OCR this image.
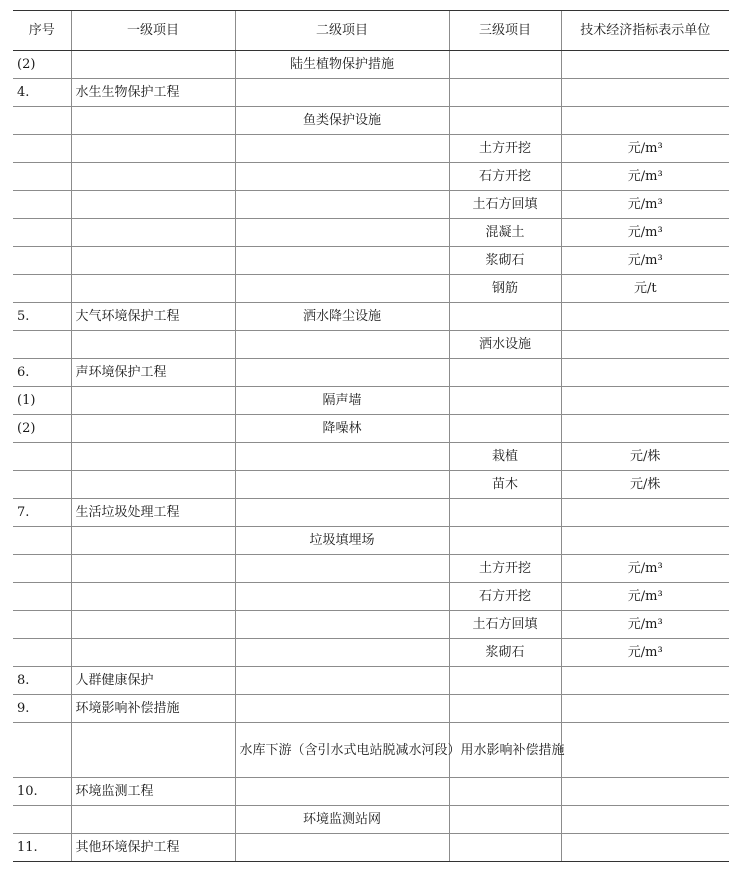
序号	一级项目	二级项目	三级项目	技术经济指标表示单位
(2)		陆生植物保护措施		
4.	水生生物保护工程			
		鱼类保护设施		
			土方开挖	元/m³
			石方开挖	元/m³
			土石方回填	元/m³
			混凝土	元/m³
			浆砌石	元/m³
			钢筋	元/t
5.	大气环境保护工程	洒水降尘设施		
			洒水设施	
6.	声环境保护工程			
(1)		隔声墙		
(2)		降噪林		
			栽植	元/株
			苗木	元/株
7.	生活垃圾处理工程			
		垃圾填埋场		
			土方开挖	元/m³
			石方开挖	元/m³
			土石方回填	元/m³
			浆砌石	元/m³
8.	人群健康保护			
9.	环境影响补偿措施			
		水库下游（含引水式电站脱减水河段）用水影响补偿措施		
10.	环境监测工程			
		环境监测站网		
11.	其他环境保护工程			
